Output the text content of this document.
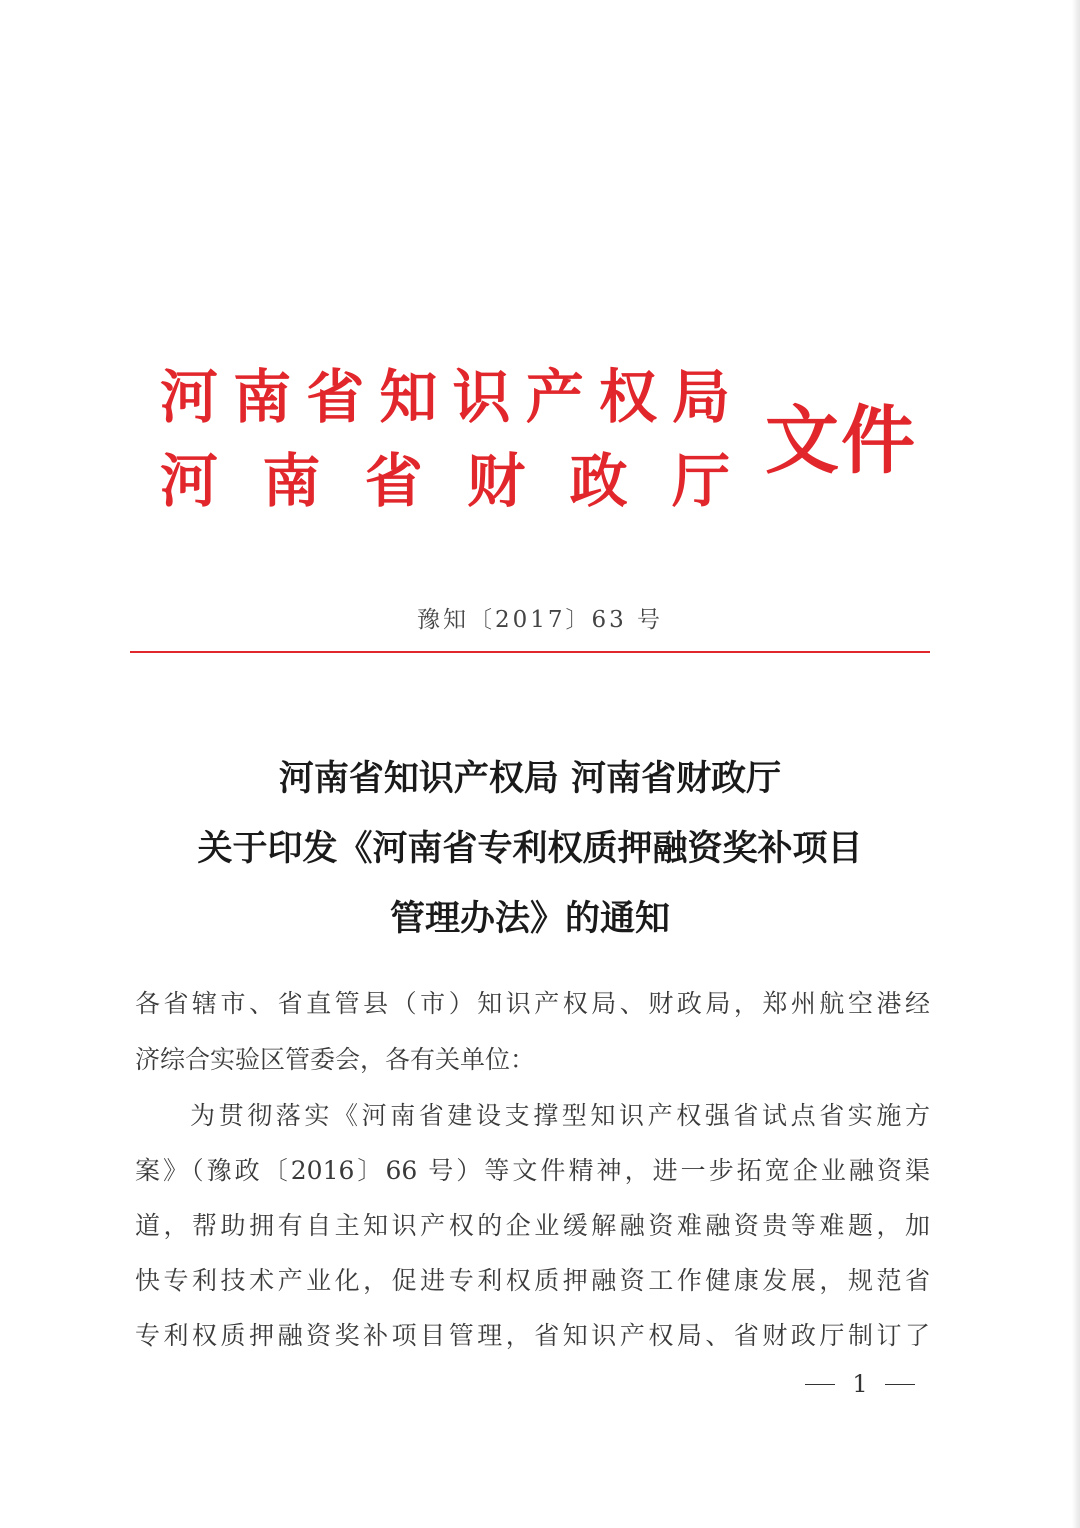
河 南 省 知 识 产 权 局
河 南 省 财 政 厅 文件
豫知〔2017〕63 号
河南省知识产权局 河南省财政厅
关于印发《河南省专利权质押融资奖补项目
管理办法》的通知
各省辖市、省直管县（市）知识产权局、财政局，郑州航空港经
济综合实验区管委会，各有关单位：
为贯彻落实《河南省建设支撑型知识产权强省试点省实施方
案》（豫政〔2016〕66 号）等文件精神，进一步拓宽企业融资渠
道，帮助拥有自主知识产权的企业缓解融资难融资贵等难题，加
快专利技术产业化，促进专利权质押融资工作健康发展，规范省
专利权质押融资奖补项目管理，省知识产权局、省财政厅制订了
1
